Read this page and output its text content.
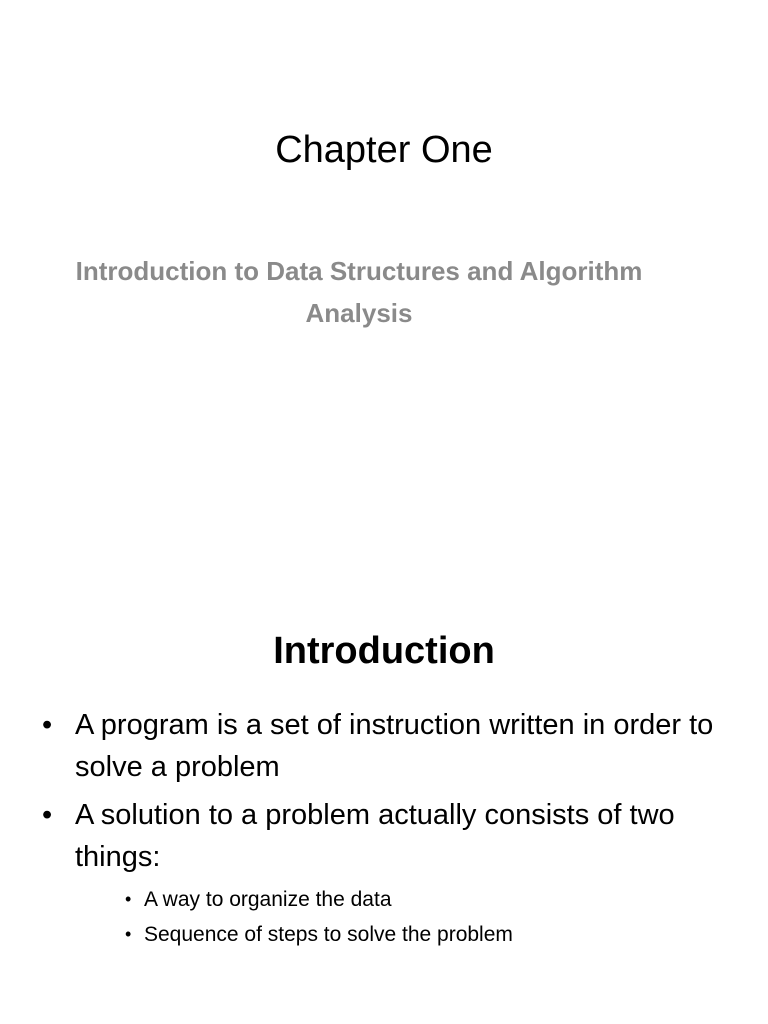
Chapter One
Introduction to Data Structures and Algorithm Analysis
Introduction
• A program is a set of instruction written in order to solve a problem
• A solution to a problem actually consists of two things:
• A way to organize the data
• Sequence of steps to solve the problem
